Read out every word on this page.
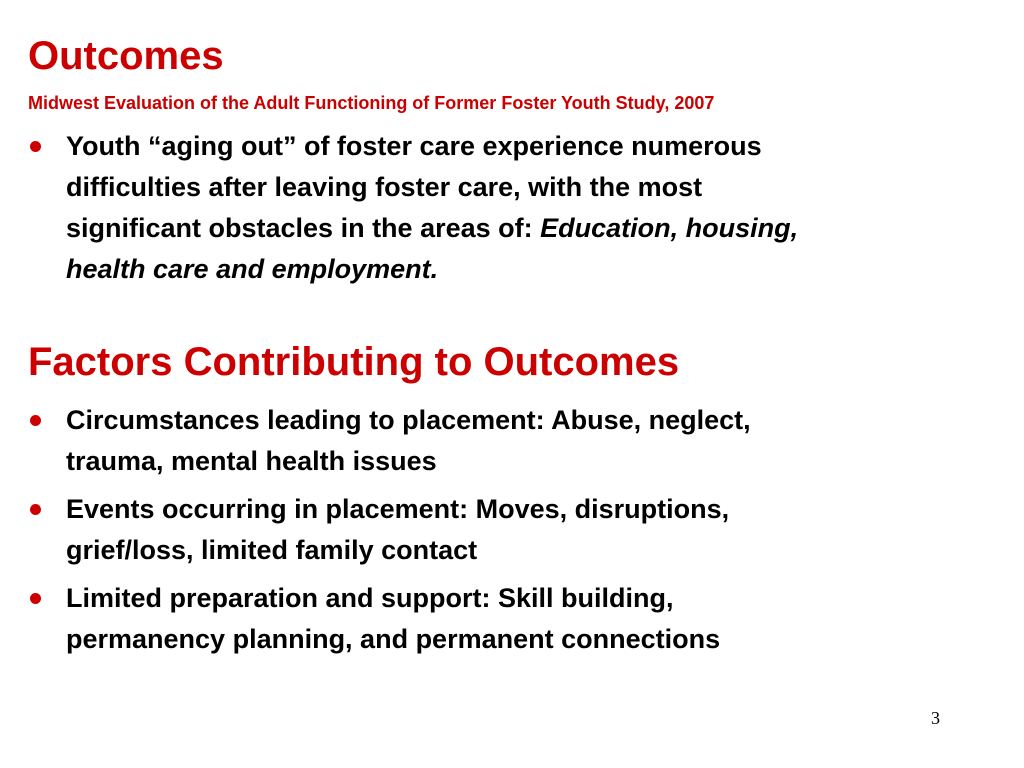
Outcomes

Midwest Evaluation of the Adult Functioning of Former Foster Youth Study, 2007

Youth “aging out” of foster care experience numerous
difficulties after leaving foster care, with the most
significant obstacles in the areas of: Education, housing,
health care and employment.
Factors Contributing to Outcomes
Circumstances leading to placement: Abuse, neglect,
trauma, mental health issues
Events occurring in placement: Moves, disruptions,
grief/loss, limited family contact
Limited preparation and support: Skill building,
permanency planning, and permanent connections
3
